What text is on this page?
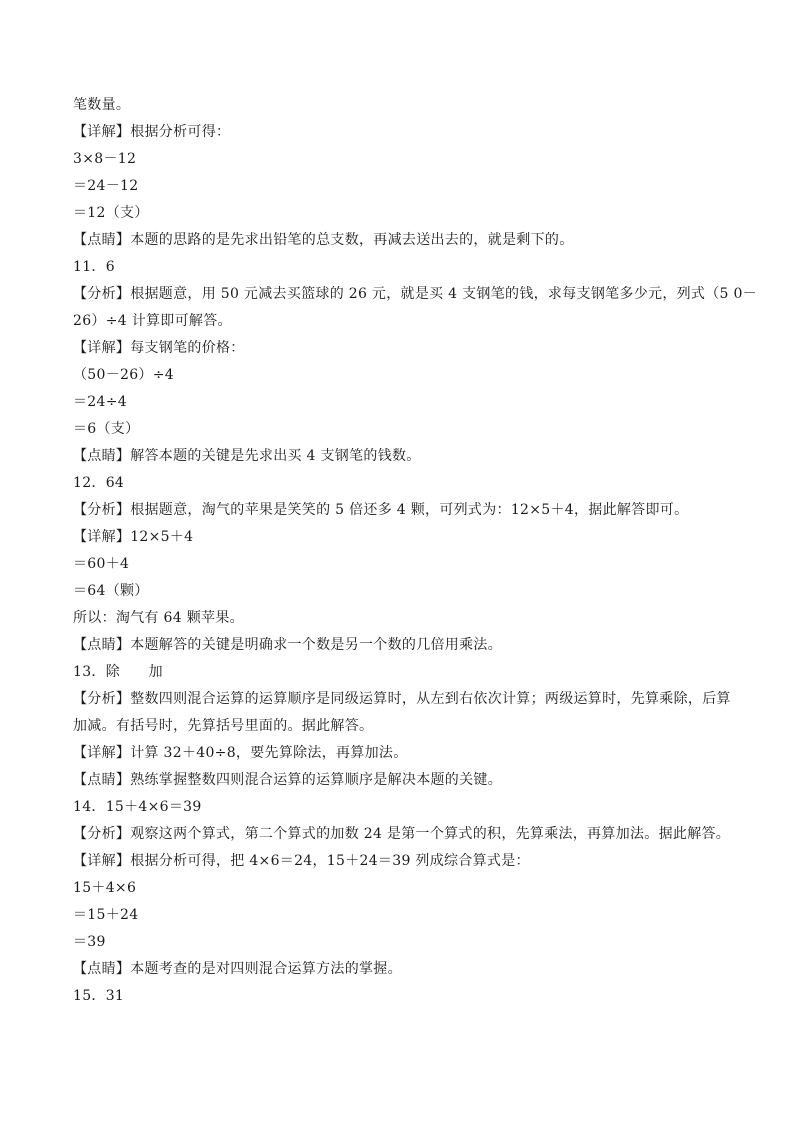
笔数量。
【详解】根据分析可得：
3×8－12
＝24－12
＝12（支）
【点睛】本题的思路的是先求出铅笔的总支数，再减去送出去的，就是剩下的。
11．6
【分析】根据题意，用 50 元减去买篮球的 26 元，就是买 4 支钢笔的钱，求每支钢笔多少元，列式（5 0－
26）÷4 计算即可解答。
【详解】每支钢笔的价格：
（50－26）÷4
＝24÷4
＝6（支）
【点睛】解答本题的关键是先求出买 4 支钢笔的钱数。
12．64
【分析】根据题意，淘气的苹果是笑笑的 5 倍还多 4 颗，可列式为：12×5＋4，据此解答即可。
【详解】12×5＋4
＝60＋4
＝64（颗）
所以：淘气有 64 颗苹果。
【点睛】本题解答的关键是明确求一个数是另一个数的几倍用乘法。
13．除　　加
【分析】整数四则混合运算的运算顺序是同级运算时，从左到右依次计算；两级运算时，先算乘除，后算
加减。有括号时，先算括号里面的。据此解答。
【详解】计算 32＋40÷8，要先算除法，再算加法。
【点睛】熟练掌握整数四则混合运算的运算顺序是解决本题的关键。
14．15＋4×6＝39
【分析】观察这两个算式，第二个算式的加数 24 是第一个算式的积，先算乘法，再算加法。据此解答。
【详解】根据分析可得，把 4×6＝24，15＋24＝39 列成综合算式是：
15＋4×6
＝15＋24
＝39
【点睛】本题考查的是对四则混合运算方法的掌握。
15．31
